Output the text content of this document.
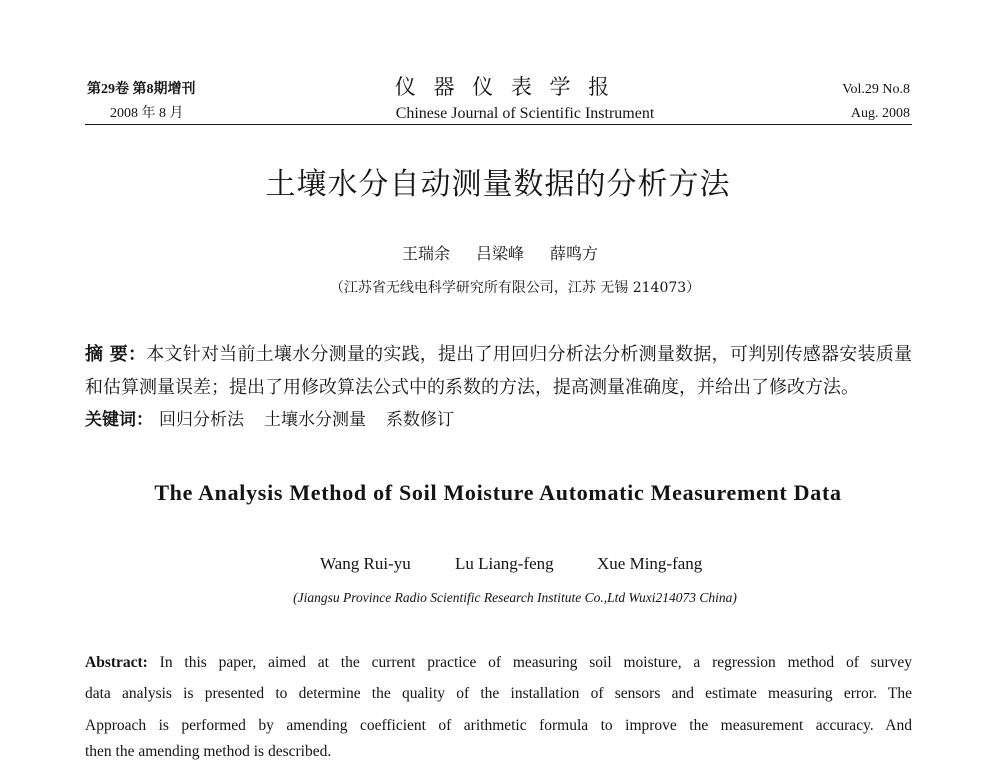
第29卷 第8期增刊
2008 年 8 月
仪 器 仪 表 学 报
Chinese Journal of Scientific Instrument
Vol.29 No.8
Aug. 2008
土壤水分自动测量数据的分析方法
王瑞余 吕梁峰 薛鸣方
（江苏省无线电科学研究所有限公司，江苏 无锡 214073）
摘 要：本文针对当前土壤水分测量的实践，提出了用回归分析法分析测量数据，可判别传感器安装质量
和估算测量误差；提出了用修改算法公式中的系数的方法，提高测量准确度，并给出了修改方法。
关键词： 回归分析法 土壤水分测量 系数修订
The Analysis Method of Soil Moisture Automatic Measurement Data
Wang Rui-yu	Lu Liang-feng	Xue Ming-fang
(Jiangsu Province Radio Scientific Research Institute Co.,Ltd Wuxi214073 China)
Abstract: In this paper, aimed at the current practice of measuring soil moisture, a regression method of survey
data analysis is presented to determine the quality of the installation of sensors and estimate measuring error. The
Approach is performed by amending coefficient of arithmetic formula to improve the measurement accuracy. And
then the amending method is described.
